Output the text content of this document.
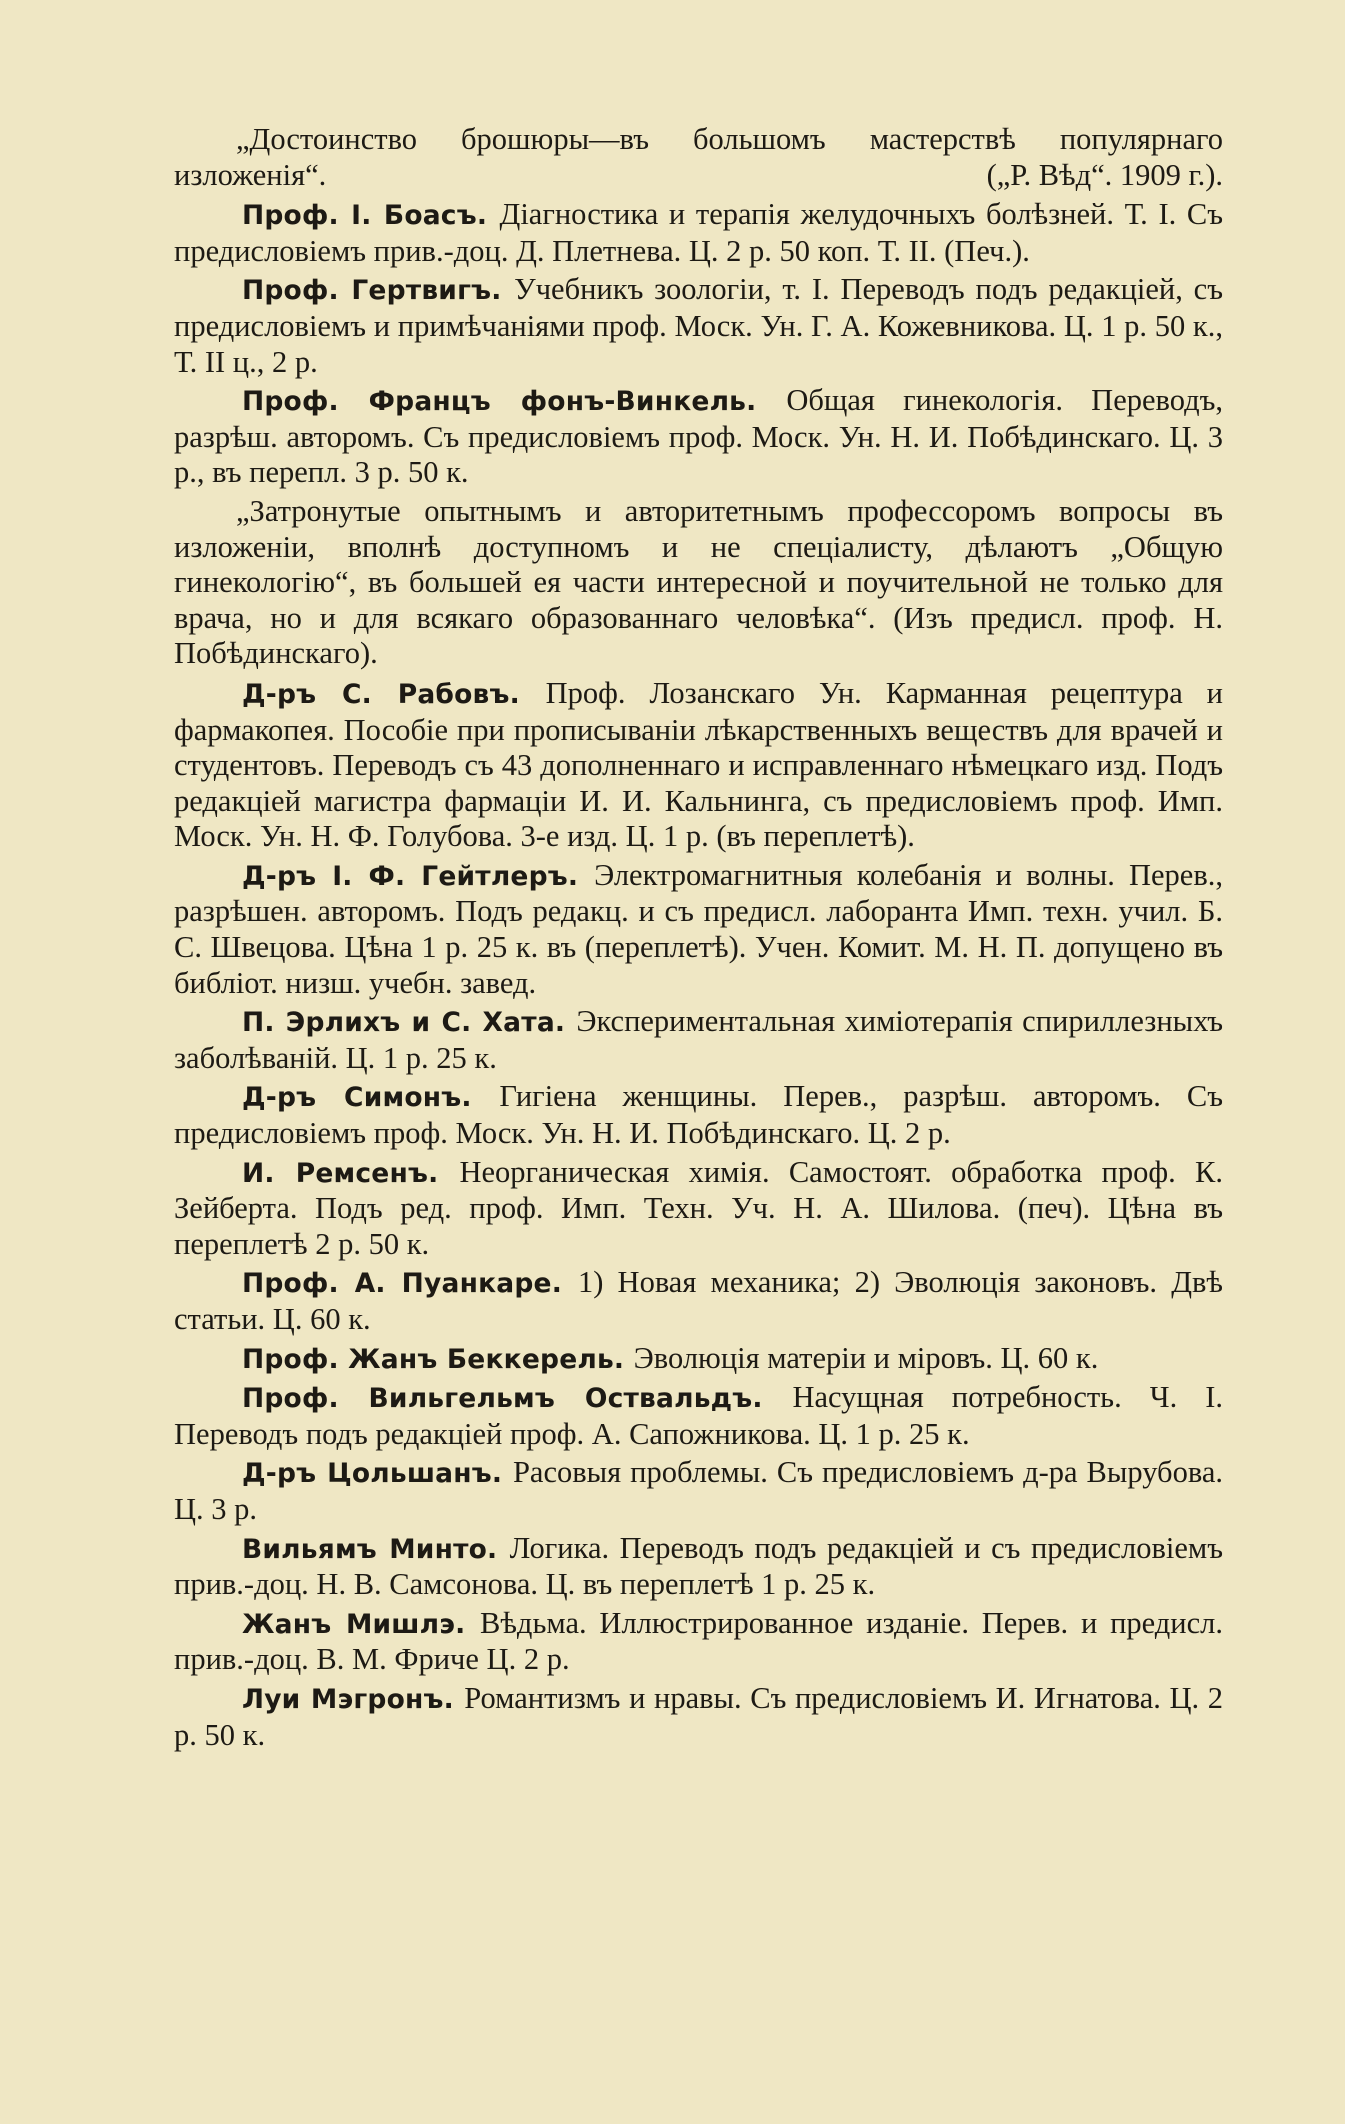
„Достоинство брошюры—въ большомъ мастерствѣ популярнаго изложенія“.	(„Р. Вѣд“. 1909 г.).

Проф. І. Боасъ. Діагностика и терапія желудочныхъ болѣзней. Т. I. Съ предисловіемъ прив.-доц. Д. Плетнева. Ц. 2 р. 50 коп. Т. II. (Печ.).

Проф. Гертвигъ. Учебникъ зоологіи, т. I. Переводъ подъ редакціей, съ предисловіемъ и примѣчаніями проф. Моск. Ун. Г. А. Кожевникова. Ц. 1 р. 50 к., Т. II ц., 2 р.

Проф. Францъ фонъ-Винкель. Общая гинекологія. Переводъ, разрѣш. авторомъ. Съ предисловіемъ проф. Моск. Ун. Н. И. Побѣдинскаго. Ц. 3 р., въ перепл. 3 р. 50 к.

„Затронутые опытнымъ и авторитетнымъ профессоромъ вопросы въ изложеніи, вполнѣ доступномъ и не спеціалисту, дѣлаютъ „Общую гинекологію“, въ большей ея части интересной и поучительной не только для врача, но и для всякаго образованнаго человѣка“. (Изъ предисл. проф. Н. Побѣдинскаго).

Д-ръ С. Рабовъ. Проф. Лозанскаго Ун. Карманная рецептура и фармакопея. Пособіе при прописываніи лѣкарственныхъ веществъ для врачей и студентовъ. Переводъ съ 43 дополненнаго и исправленнаго нѣмецкаго изд. Подъ редакціей магистра фармаціи И. И. Кальнинга, съ предисловіемъ проф. Имп. Моск. Ун. Н. Ф. Голубова. 3-е изд. Ц. 1 р. (въ переплетѣ).

Д-ръ І. Ф. Гейтлеръ. Электромагнитныя колебанія и волны. Перев., разрѣшен. авторомъ. Подъ редакц. и съ предисл. лаборанта Имп. техн. учил. Б. С. Швецова. Цѣна 1 р. 25 к. въ (переплетѣ). Учен. Комит. М. Н. П. допущено въ библіот. низш. учебн. завед.

П. Эрлихъ и С. Хата. Экспериментальная химіотерапія спириллезныхъ заболѣваній. Ц. 1 р. 25 к.

Д-ръ Симонъ. Гигіена женщины. Перев., разрѣш. авторомъ. Съ предисловіемъ проф. Моск. Ун. Н. И. Побѣдинскаго. Ц. 2 р.

И. Ремсенъ. Неорганическая химія. Самостоят. обработка проф. К. Зейберта. Подъ ред. проф. Имп. Техн. Уч. Н. А. Шилова. (печ). Цѣна въ переплетѣ 2 р. 50 к.

Проф. А. Пуанкаре. 1) Новая механика; 2) Эволюція законовъ. Двѣ статьи. Ц. 60 к.

Проф. Жанъ Беккерель. Эволюція матеріи и міровъ. Ц. 60 к.

Проф. Вильгельмъ Оствальдъ. Насущная потребность. Ч. I. Переводъ подъ редакціей проф. А. Сапожникова. Ц. 1 р. 25 к.

Д-ръ Цольшанъ. Расовыя проблемы. Съ предисловіемъ д-ра Вырубова. Ц. 3 р.

Вильямъ Минто. Логика. Переводъ подъ редакціей и съ предисловіемъ прив.-доц. Н. В. Самсонова. Ц. въ переплетѣ 1 р. 25 к.

Жанъ Мишлэ. Вѣдьма. Иллюстрированное изданіе. Перев. и предисл. прив.-доц. В. М. Фриче Ц. 2 р.

Луи Мэгронъ. Романтизмъ и нравы. Съ предисловіемъ И. Игнатова. Ц. 2 р. 50 к.
